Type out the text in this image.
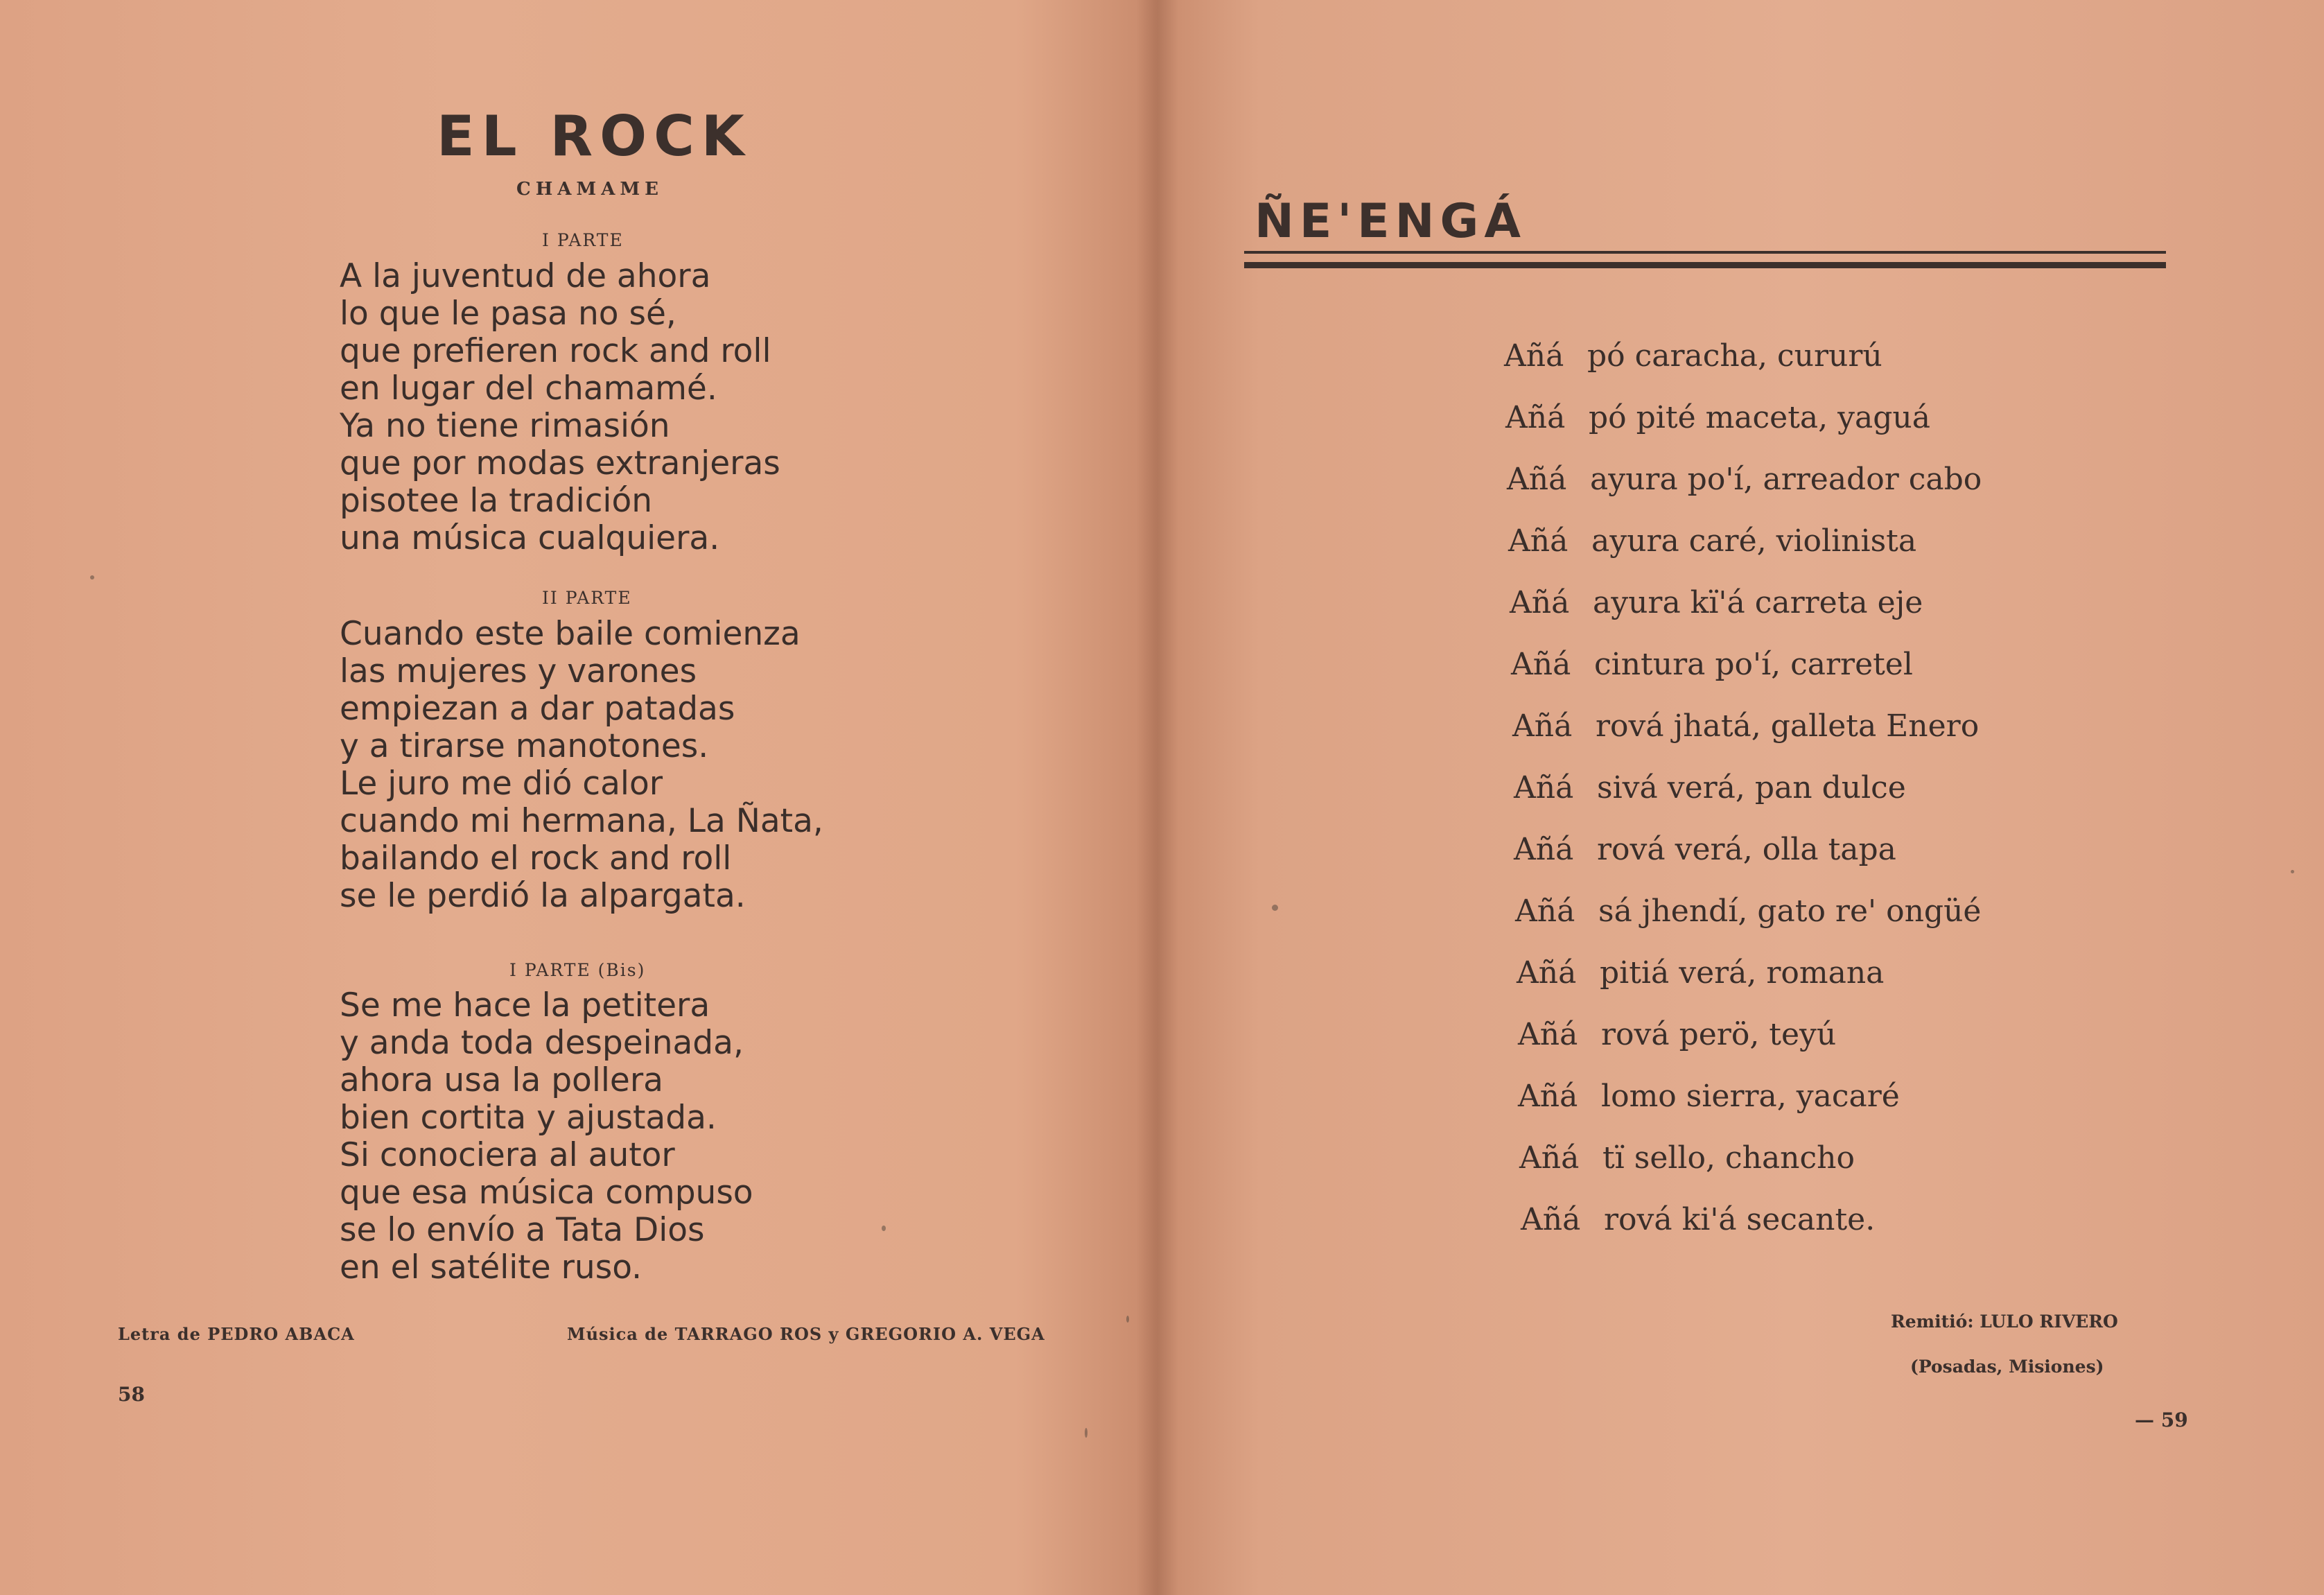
EL ROCK
CHAMAME
I PARTE
A la juventud de ahora
lo que le pasa no sé,
que prefieren rock and roll
en lugar del chamamé.
Ya no tiene rimasión
que por modas extranjeras
pisotee la tradición
una música cualquiera.
II PARTE
Cuando este baile comienza
las mujeres y varones
empiezan a dar patadas
y a tirarse manotones.
Le juro me dió calor
cuando mi hermana, La Ñata,
bailando el rock and roll
se le perdió la alpargata.
I PARTE (Bis)
Se me hace la petitera
y anda toda despeinada,
ahora usa la pollera
bien cortita y ajustada.
Si conociera al autor
que esa música compuso
se lo envío a Tata Dios
en el satélite ruso.
Letra de PEDRO ABACA	Música de TARRAGO ROS y GREGORIO A. VEGA
58
ÑE'ENGÁ
Añá pó caracha, cururú
Añá pó pité maceta, yaguá
Añá ayura po'í, arreador cabo
Añá ayura caré, violinista
Añá ayura kï'á carreta eje
Añá cintura po'í, carretel
Añá rová jhatá, galleta Enero
Añá sivá verá, pan dulce
Añá rová verá, olla tapa
Añá sá jhendí, gato re' ongüé
Añá pitiá verá, romana
Añá rová perö, teyú
Añá lomo sierra, yacaré
Añá tï sello, chancho
Añá rová ki'á secante.
Remitió: LULO RIVERO
(Posadas, Misiones)
— 59
